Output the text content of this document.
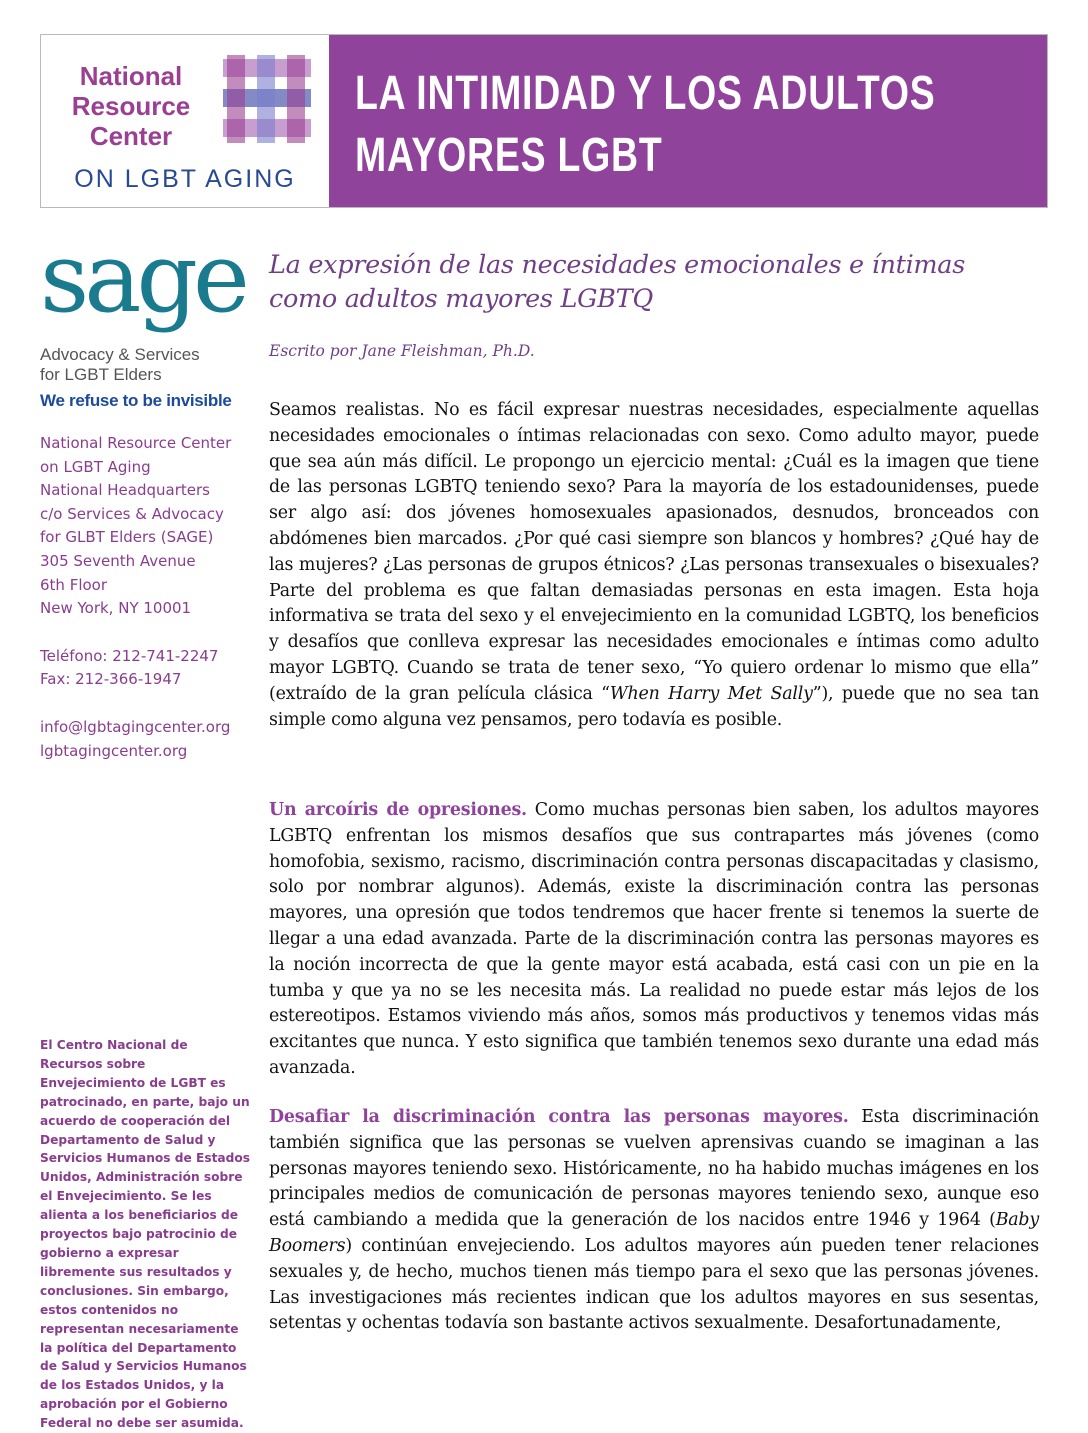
National
Resource
Center
ON LGBT AGING
LA INTIMIDAD Y LOS ADULTOS
MAYORES LGBT

sage

Advocacy & Services
for LGBT Elders
We refuse to be invisible
National Resource Center
on LGBT Aging
National Headquarters
c/o Services & Advocacy
for GLBT Elders (SAGE)
305 Seventh Avenue
6th Floor
New York, NY 10001
Teléfono: 212-741-2247
Fax: 212-366-1947
info@lgbtagingcenter.org
lgbtagingcenter.org

El Centro Nacional de Recursos sobre Envejecimiento de LGBT es patrocinado, en parte, bajo un acuerdo de cooperación del Departamento de Salud y Servicios Humanos de Estados Unidos, Administración sobre el Envejecimiento. Se les alienta a los beneficiarios de proyectos bajo patrocinio de gobierno a expresar libremente sus resultados y conclusiones. Sin embargo, estos contenidos no representan necesariamente la política del Departamento de Salud y Servicios Humanos de los Estados Unidos, y la aprobación por el Gobierno Federal no debe ser asumida.

La expresión de las necesidades emocionales e íntimas
como adultos mayores LGBTQ

Escrito por Jane Fleishman, Ph.D.

Seamos realistas. No es fácil expresar nuestras necesidades, especialmente aquellas necesidades emocionales o íntimas relacionadas con sexo. Como adulto mayor, puede que sea aún más difícil. Le propongo un ejercicio mental: ¿Cuál es la imagen que tiene de las personas LGBTQ teniendo sexo? Para la mayoría de los estadounidenses, puede ser algo así: dos jóvenes homosexuales apasionados, desnudos, bronceados con abdómenes bien marcados. ¿Por qué casi siempre son blancos y hombres? ¿Qué hay de las mujeres? ¿Las personas de grupos étnicos? ¿Las personas transexuales o bisexuales? Parte del problema es que faltan demasiadas personas en esta imagen. Esta hoja informativa se trata del sexo y el envejecimiento en la comunidad LGBTQ, los beneficios y desafíos que conlleva expresar las necesidades emocionales e íntimas como adulto mayor LGBTQ. Cuando se trata de tener sexo, “Yo quiero ordenar lo mismo que ella” (extraído de la gran película clásica “When Harry Met Sally”), puede que no sea tan simple como alguna vez pensamos, pero todavía es posible.

Un arcoíris de opresiones. Como muchas personas bien saben, los adultos mayores LGBTQ enfrentan los mismos desafíos que sus contrapartes más jóvenes (como homofobia, sexismo, racismo, discriminación contra personas discapacitadas y clasismo, solo por nombrar algunos). Además, existe la discriminación contra las personas mayores, una opresión que todos tendremos que hacer frente si tenemos la suerte de llegar a una edad avanzada. Parte de la discriminación contra las personas mayores es la noción incorrecta de que la gente mayor está acabada, está casi con un pie en la tumba y que ya no se les necesita más. La realidad no puede estar más lejos de los estereotipos. Estamos viviendo más años, somos más productivos y tenemos vidas más excitantes que nunca. Y esto significa que también tenemos sexo durante una edad más avanzada.

Desafiar la discriminación contra las personas mayores. Esta discriminación también significa que las personas se vuelven aprensivas cuando se imaginan a las personas mayores teniendo sexo. Históricamente, no ha habido muchas imágenes en los principales medios de comunicación de personas mayores teniendo sexo, aunque eso está cambiando a medida que la generación de los nacidos entre 1946 y 1964 (Baby Boomers) continúan envejeciendo. Los adultos mayores aún pueden tener relaciones sexuales y, de hecho, muchos tienen más tiempo para el sexo que las personas jóvenes. Las investigaciones más recientes indican que los adultos mayores en sus sesentas, setentas y ochentas todavía son bastante activos sexualmente. Desafortunadamente,
